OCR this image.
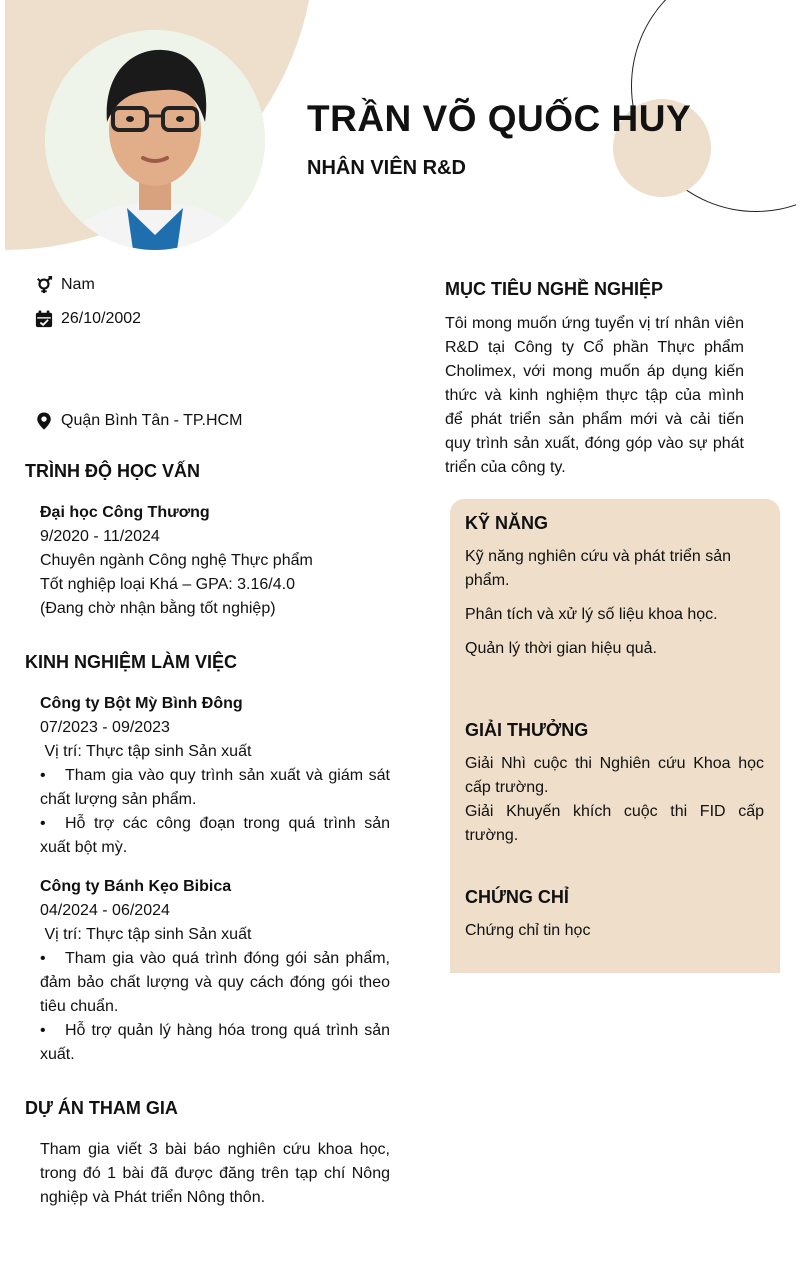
TRẦN VÕ QUỐC HUY
NHÂN VIÊN R&D
Nam
26/10/2002
Quận Bình Tân - TP.HCM
TRÌNH ĐỘ HỌC VẤN
Đại học Công Thương
9/2020 - 11/2024
Chuyên ngành Công nghệ Thực phẩm
Tốt nghiệp loại Khá – GPA: 3.16/4.0
(Đang chờ nhận bằng tốt nghiệp)
KINH NGHIỆM LÀM VIỆC
Công ty Bột Mỳ Bình Đông
07/2023 - 09/2023
Vị trí: Thực tập sinh Sản xuất
• Tham gia vào quy trình sản xuất và giám sát chất lượng sản phẩm.
• Hỗ trợ các công đoạn trong quá trình sản xuất bột mỳ.
Công ty Bánh Kẹo Bibica
04/2024 - 06/2024
Vị trí: Thực tập sinh Sản xuất
• Tham gia vào quá trình đóng gói sản phẩm, đảm bảo chất lượng và quy cách đóng gói theo tiêu chuẩn.
• Hỗ trợ quản lý hàng hóa trong quá trình sản xuất.
DỰ ÁN THAM GIA
Tham gia viết 3 bài báo nghiên cứu khoa học, trong đó 1 bài đã được đăng trên tạp chí Nông nghiệp và Phát triển Nông thôn.
MỤC TIÊU NGHỀ NGHIỆP
Tôi mong muốn ứng tuyển vị trí nhân viên R&D tại Công ty Cổ phần Thực phẩm Cholimex, với mong muốn áp dụng kiến thức và kinh nghiệm thực tập của mình để phát triển sản phẩm mới và cải tiến quy trình sản xuất, đóng góp vào sự phát triển của công ty.
KỸ NĂNG
Kỹ năng nghiên cứu và phát triển sản phẩm.
Phân tích và xử lý số liệu khoa học.
Quản lý thời gian hiệu quả.
GIẢI THƯỞNG
Giải Nhì cuộc thi Nghiên cứu Khoa học cấp trường.
Giải Khuyến khích cuộc thi FID cấp trường.
CHỨNG CHỈ
Chứng chỉ tin học
